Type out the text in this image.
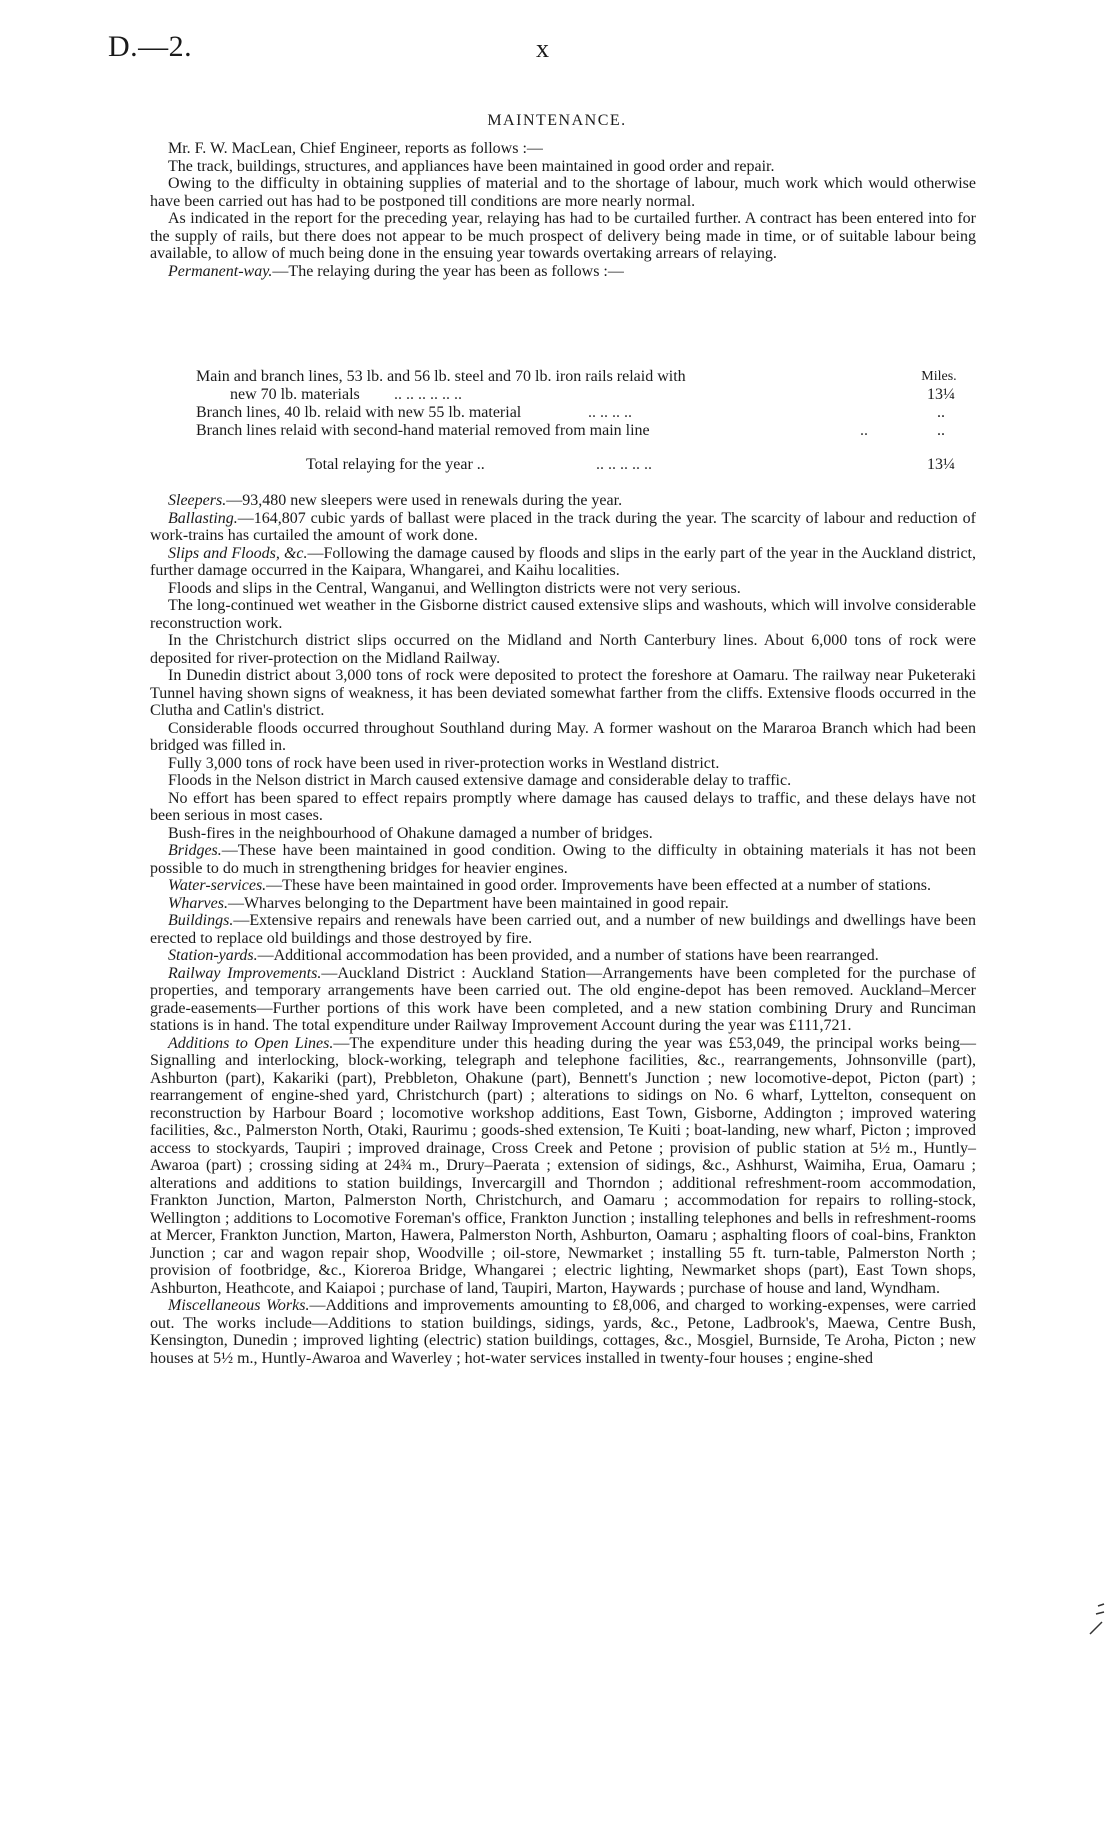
D.—2.	x
MAINTENANCE.

Mr. F. W. MacLean, Chief Engineer, reports as follows :—

The track, buildings, structures, and appliances have been maintained in good order and repair.

Owing to the difficulty in obtaining supplies of material and to the shortage of labour, much work which would otherwise have been carried out has had to be postponed till conditions are more nearly normal.

As indicated in the report for the preceding year, relaying has had to be curtailed further. A contract has been entered into for the supply of rails, but there does not appear to be much prospect of delivery being made in time, or of suitable labour being available, to allow of much being done in the ensuing year towards overtaking arrears of relaying.

Permanent-way.—The relaying during the year has been as follows :—

Main and branch lines, 53 lb. and 56 lb. steel and 70 lb. iron rails relaid with	Miles.
new 70 lb. materials .. .. .. .. .. ..	13¼
Branch lines, 40 lb. relaid with new 55 lb. material	.. .. .. ..	..
Branch lines relaid with second-hand material removed from main line	..	..
Total relaying for the year ..	.. .. .. .. ..	13¼

Sleepers.—93,480 new sleepers were used in renewals during the year.

Ballasting.—164,807 cubic yards of ballast were placed in the track during the year. The scarcity of labour and reduction of work-trains has curtailed the amount of work done.

Slips and Floods, &c.—Following the damage caused by floods and slips in the early part of the year in the Auckland district, further damage occurred in the Kaipara, Whangarei, and Kaihu localities.

Floods and slips in the Central, Wanganui, and Wellington districts were not very serious.

The long-continued wet weather in the Gisborne district caused extensive slips and washouts, which will involve considerable reconstruction work.

In the Christchurch district slips occurred on the Midland and North Canterbury lines. About 6,000 tons of rock were deposited for river-protection on the Midland Railway.

In Dunedin district about 3,000 tons of rock were deposited to protect the foreshore at Oamaru. The railway near Puketeraki Tunnel having shown signs of weakness, it has been deviated somewhat farther from the cliffs. Extensive floods occurred in the Clutha and Catlin's district.

Considerable floods occurred throughout Southland during May. A former washout on the Mararoa Branch which had been bridged was filled in.

Fully 3,000 tons of rock have been used in river-protection works in Westland district.

Floods in the Nelson district in March caused extensive damage and considerable delay to traffic.

No effort has been spared to effect repairs promptly where damage has caused delays to traffic, and these delays have not been serious in most cases.

Bush-fires in the neighbourhood of Ohakune damaged a number of bridges.

Bridges.—These have been maintained in good condition. Owing to the difficulty in obtaining materials it has not been possible to do much in strengthening bridges for heavier engines.

Water-services.—These have been maintained in good order. Improvements have been effected at a number of stations.

Wharves.—Wharves belonging to the Department have been maintained in good repair.

Buildings.—Extensive repairs and renewals have been carried out, and a number of new buildings and dwellings have been erected to replace old buildings and those destroyed by fire.

Station-yards.—Additional accommodation has been provided, and a number of stations have been rearranged.

Railway Improvements.—Auckland District : Auckland Station—Arrangements have been completed for the purchase of properties, and temporary arrangements have been carried out. The old engine-depot has been removed. Auckland–Mercer grade-easements—Further portions of this work have been completed, and a new station combining Drury and Runciman stations is in hand. The total expenditure under Railway Improvement Account during the year was £111,721.

Additions to Open Lines.—The expenditure under this heading during the year was £53,049, the principal works being—Signalling and interlocking, block-working, telegraph and telephone facilities, &c., rearrangements, Johnsonville (part), Ashburton (part), Kakariki (part), Prebbleton, Ohakune (part), Bennett's Junction ; new locomotive-depot, Picton (part) ; rearrangement of engine-shed yard, Christchurch (part) ; alterations to sidings on No. 6 wharf, Lyttelton, consequent on reconstruction by Harbour Board ; locomotive workshop additions, East Town, Gisborne, Addington ; improved watering facilities, &c., Palmerston North, Otaki, Raurimu ; goods-shed extension, Te Kuiti ; boat-landing, new wharf, Picton ; improved access to stockyards, Taupiri ; improved drainage, Cross Creek and Petone ; provision of public station at 5½ m., Huntly–Awaroa (part) ; crossing siding at 24¾ m., Drury–Paerata ; extension of sidings, &c., Ashhurst, Waimiha, Erua, Oamaru ; alterations and additions to station buildings, Invercargill and Thorndon ; additional refreshment-room accommodation, Frankton Junction, Marton, Palmerston North, Christchurch, and Oamaru ; accommodation for repairs to rolling-stock, Wellington ; additions to Locomotive Foreman's office, Frankton Junction ; installing telephones and bells in refreshment-rooms at Mercer, Frankton Junction, Marton, Hawera, Palmerston North, Ashburton, Oamaru ; asphalting floors of coal-bins, Frankton Junction ; car and wagon repair shop, Woodville ; oil-store, Newmarket ; installing 55 ft. turn-table, Palmerston North ; provision of footbridge, &c., Kioreroa Bridge, Whangarei ; electric lighting, Newmarket shops (part), East Town shops, Ashburton, Heathcote, and Kaiapoi ; purchase of land, Taupiri, Marton, Haywards ; purchase of house and land, Wyndham.

Miscellaneous Works.—Additions and improvements amounting to £8,006, and charged to working-expenses, were carried out. The works include—Additions to station buildings, sidings, yards, &c., Petone, Ladbrook's, Maewa, Centre Bush, Kensington, Dunedin ; improved lighting (electric) station buildings, cottages, &c., Mosgiel, Burnside, Te Aroha, Picton ; new houses at 5½ m., Huntly-Awaroa and Waverley ; hot-water services installed in twenty-four houses ; engine-shed
